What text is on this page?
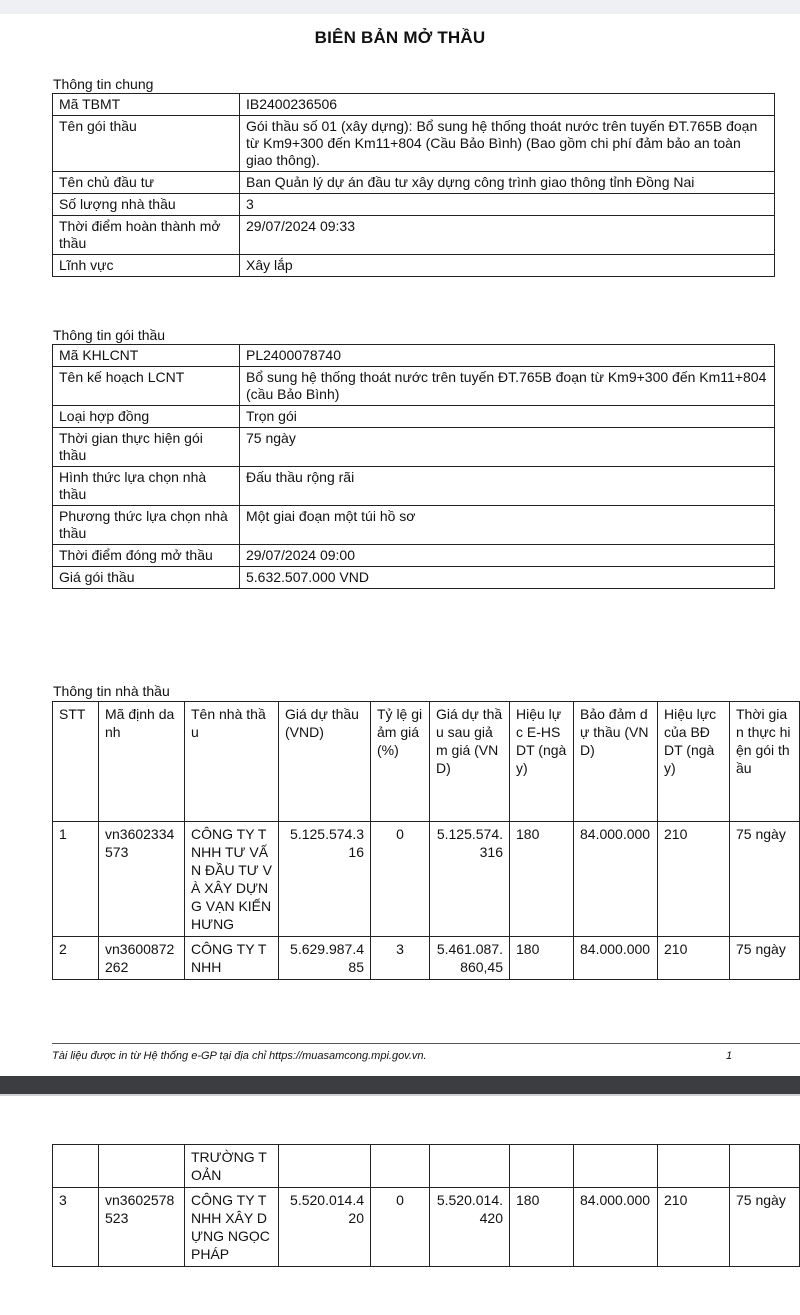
BIÊN BẢN MỞ THẦU
Thông tin chung
Mã TBMT	IB2400236506
Tên gói thầu	Gói thầu số 01 (xây dựng): Bổ sung hệ thống thoát nước trên tuyến ĐT.765B đoạn từ Km9+300 đến Km11+804 (Cầu Bảo Bình) (Bao gồm chi phí đảm bảo an toàn giao thông).
Tên chủ đầu tư	Ban Quản lý dự án đầu tư xây dựng công trình giao thông tỉnh Đồng Nai
Số lượng nhà thầu	3
Thời điểm hoàn thành mở thầu	29/07/2024 09:33
Lĩnh vực	Xây lắp
Thông tin gói thầu
Mã KHLCNT	PL2400078740
Tên kế hoạch LCNT	Bổ sung hệ thống thoát nước trên tuyến ĐT.765B đoạn từ Km9+300 đến Km11+804 (cầu Bảo Bình)
Loại hợp đồng	Trọn gói
Thời gian thực hiện gói thầu	75 ngày
Hình thức lựa chọn nhà thầu	Đấu thầu rộng rãi
Phương thức lựa chọn nhà thầu	Một giai đoạn một túi hồ sơ
Thời điểm đóng mở thầu	29/07/2024 09:00
Giá gói thầu	5.632.507.000 VND
Thông tin nhà thầu
STT	Mã định danh	Tên nhà thầu	Giá dự thầu (VND)	Tỷ lệ giảm giá (%)	Giá dự thầu sau giảm giá (VND)	Hiệu lực E-HSDT (ngày)	Bảo đảm dự thầu (VND)	Hiệu lực của BĐ DT (ngày)	Thời gian thực hiện gói thầu
1	vn3602334573	CÔNG TY TNHH TƯ VẤN ĐẦU TƯ VÀ XÂY DỰNG VẠN KIẾN HƯNG	5.125.574.316	0	5.125.574.316	180	84.000.000	210	75 ngày
2	vn3600872262	CÔNG TY TNHH	5.629.987.485	3	5.461.087.860,45	180	84.000.000	210	75 ngày
Tài liệu được in từ Hệ thống e-GP tại địa chỉ https://muasamcong.mpi.gov.vn.	1
		TRƯỜNG TOẢN							
3	vn3602578523	CÔNG TY TNHH XÂY DỰNG NGỌC PHÁP	5.520.014.420	0	5.520.014.420	180	84.000.000	210	75 ngày
